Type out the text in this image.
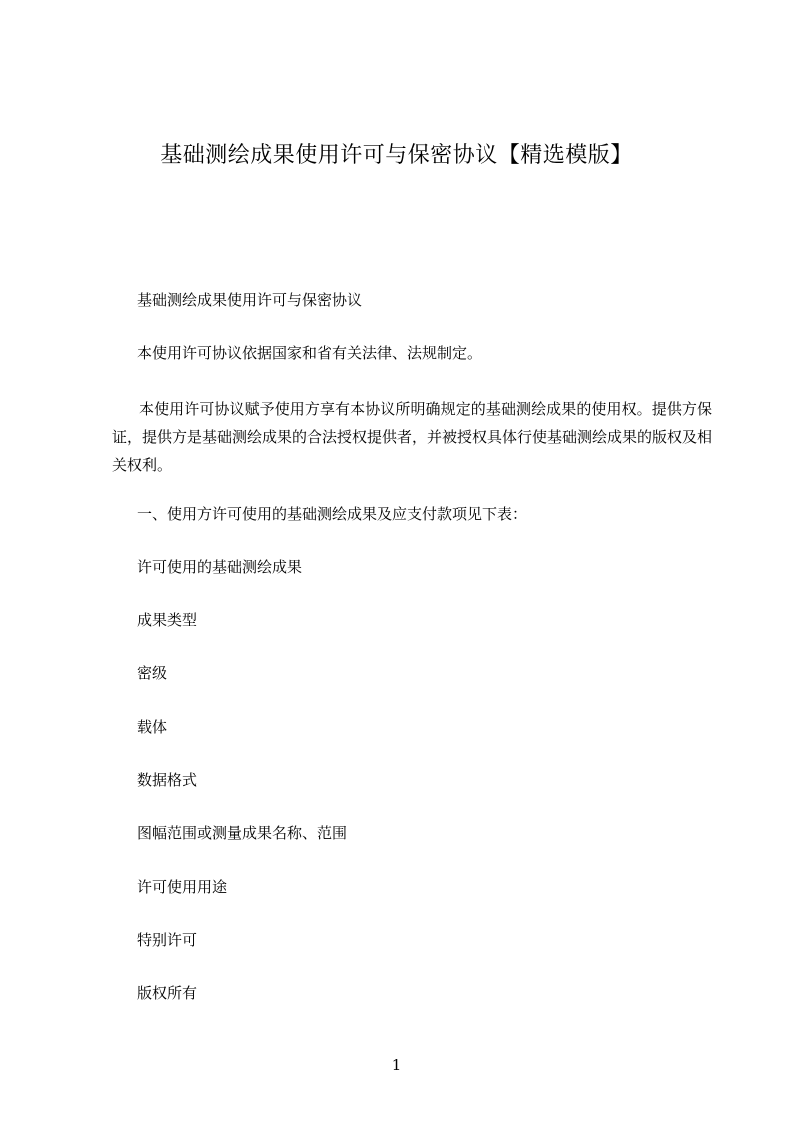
基础测绘成果使用许可与保密协议【精选模版】
基础测绘成果使用许可与保密协议
本使用许可协议依据国家和省有关法律、法规制定。
本使用许可协议赋予使用方享有本协议所明确规定的基础测绘成果的使用权。提供方保证，提供方是基础测绘成果的合法授权提供者，并被授权具体行使基础测绘成果的版权及相关权利。
一、使用方许可使用的基础测绘成果及应支付款项见下表：
许可使用的基础测绘成果
成果类型
密级
载体
数据格式
图幅范围或测量成果名称、范围
许可使用用途
特别许可
版权所有
1
